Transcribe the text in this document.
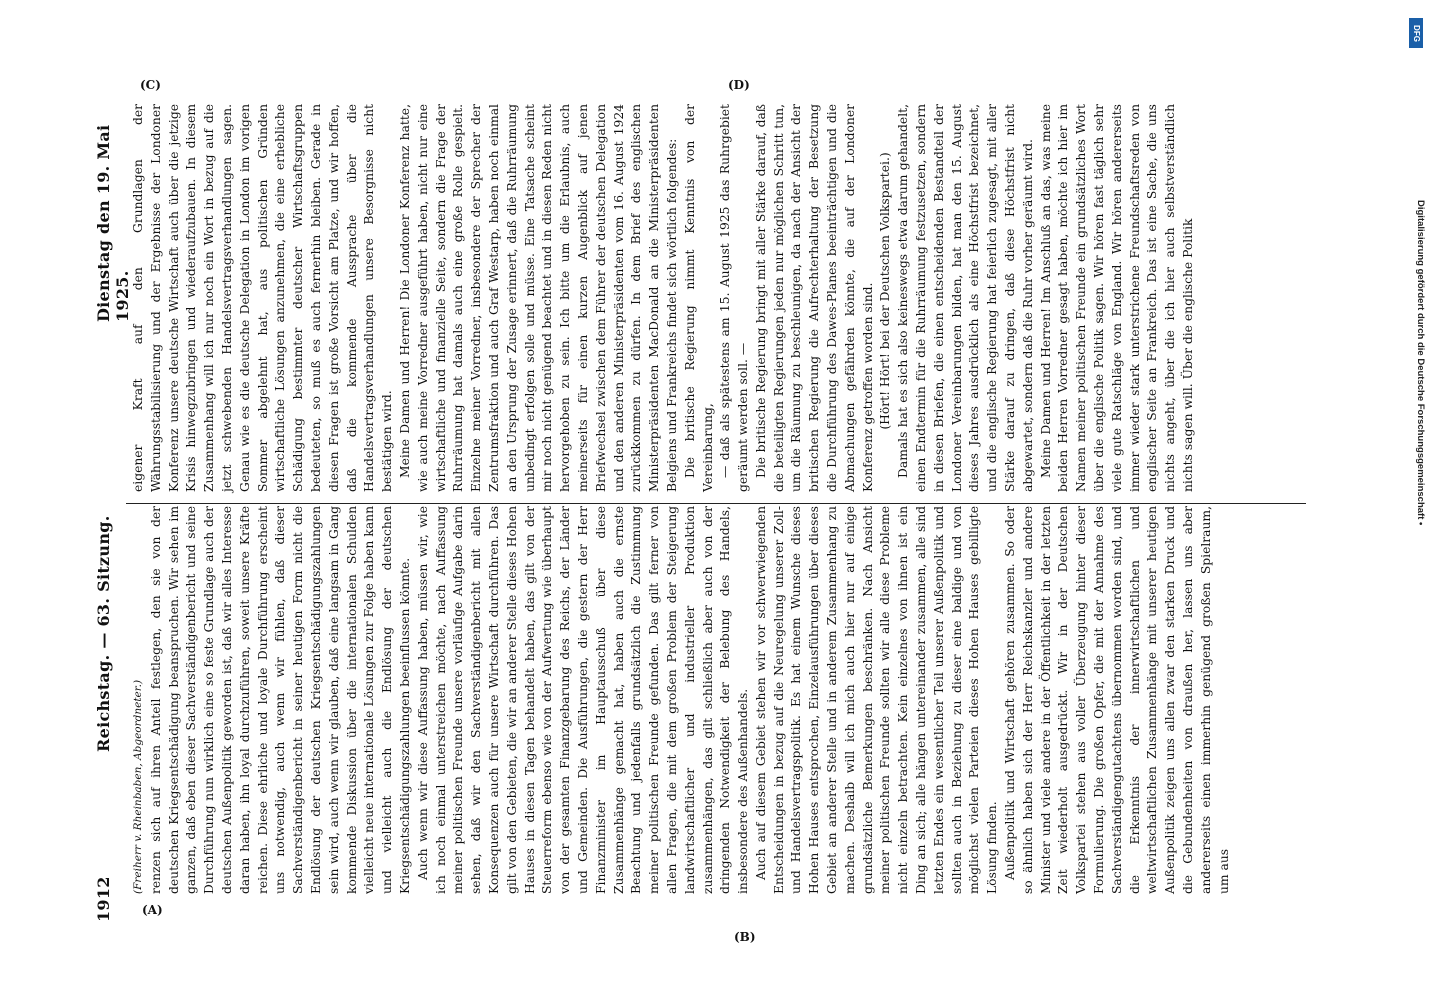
1912
Reichstag. — 63. Sitzung.
Dienstag den 19. Mai 1925.

(Freiherr v. Rheinbaben, Abgeordneter.) renzen sich auf ihren Anteil festlegen, den sie von der deutschen Kriegsentschädigung beanspruchen. Wir sehen im ganzen, daß eben dieser Sachverständigenbericht und seine Durchführung nun wirklich eine so feste Grundlage auch der deutschen Außenpolitik geworden ist, daß wir alles Interesse daran haben, ihn loyal durchzuführen, soweit unsere Kräfte reichen. Diese ehrliche und loyale Durchführung erscheint uns notwendig, auch wenn wir fühlen, daß dieser Sachverständigenbericht in seiner heutigen Form nicht die Endlösung der deutschen Kriegsentschädigungszahlungen sein wird, auch wenn wir glauben, daß eine langsam in Gang kommende Diskussion über die internationalen Schulden vielleicht neue internationale Lösungen zur Folge haben kann und vielleicht auch die Endlösung der deutschen Kriegsentschädigungszahlungen beeinflussen könnte. Auch wenn wir diese Auffassung haben, müssen wir, wie ich noch einmal unterstreichen möchte, nach Auffassung meiner politischen Freunde unsere vorläufige Aufgabe darin sehen, daß wir den Sachverständigenbericht mit allen Konsequenzen auch für unsere Wirtschaft durchführen. Das gilt von den Gebieten, die wir an anderer Stelle dieses Hohen Hauses in diesen Tagen behandelt haben, das gilt von der Steuerreform ebenso wie von der Aufwertung wie überhaupt von der gesamten Finanzgebarung des Reichs, der Länder und Gemeinden. Die Ausführungen, die gestern der Herr Finanzminister im Hauptausschuß über diese Zusammenhänge gemacht hat, haben auch die ernste Beachtung und jedenfalls grundsätzlich die Zustimmung meiner politischen Freunde gefunden. Das gilt ferner von allen Fragen, die mit dem großen Problem der Steigerung landwirtschaftlicher und industrieller Produktion zusammenhängen, das gilt schließlich aber auch von der dringenden Notwendigkeit der Belebung des Handels, insbesondere des Außenhandels. Auch auf diesem Gebiet stehen wir vor schwerwiegenden Entscheidungen in bezug auf die Neuregelung unserer Zoll- und Handelsvertragspolitik. Es hat einem Wunsche dieses Hohen Hauses entsprochen, Einzelausführungen über dieses Gebiet an anderer Stelle und in anderem Zusammenhang zu machen. Deshalb will ich mich auch hier nur auf einige grundsätzliche Bemerkungen beschränken. Nach Ansicht meiner politischen Freunde sollten wir alle diese Probleme nicht einzeln betrachten. Kein einzelnes von ihnen ist ein Ding an sich; alle hängen untereinander zusammen, alle sind letzten Endes ein wesentlicher Teil unserer Außenpolitik und sollten auch in Beziehung zu dieser eine baldige und von möglichst vielen Parteien dieses Hohen Hauses gebilligte Lösung finden. Außenpolitik und Wirtschaft gehören zusammen. So oder so ähnlich haben sich der Herr Reichskanzler und andere Minister und viele andere in der Öffentlichkeit in der letzten Zeit wiederholt ausgedrückt. Wir in der Deutschen Volkspartei stehen aus voller Überzeugung hinter dieser Formulierung. Die großen Opfer, die mit der Annahme des Sachverständigengutachtens übernommen worden sind, und die Erkenntnis der innerwirtschaftlichen und weltwirtschaftlichen Zusammenhänge mit unserer heutigen Außenpolitik zeigen uns allen zwar den starken Druck und die Gebundenheiten von draußen her, lassen uns aber andererseits einen immerhin genügend großen Spielraum, um aus

eigener Kraft auf den Grundlagen der Währungsstabilisierung und der Ergebnisse der Londoner Konferenz unsere deutsche Wirtschaft auch über die jetzige Krisis hinwegzubringen und wiederaufzubauen. In diesem Zusammenhang will ich nur noch ein Wort in bezug auf die jetzt schwebenden Handelsvertragsverhandlungen sagen. Genau wie es die deutsche Delegation in London im vorigen Sommer abgelehnt hat, aus politischen Gründen wirtschaftliche Lösungen anzunehmen, die eine erhebliche Schädigung bestimmter deutscher Wirtschaftsgruppen bedeuteten, so muß es auch fernerhin bleiben. Gerade in diesen Fragen ist große Vorsicht am Platze, und wir hoffen, daß die kommende Aussprache über die Handelsvertragsverhandlungen unsere Besorgnisse nicht bestätigen wird. Meine Damen und Herren! Die Londoner Konferenz hatte, wie auch meine Vorredner ausgeführt haben, nicht nur eine wirtschaftliche und finanzielle Seite, sondern die Frage der Ruhrräumung hat damals auch eine große Rolle gespielt. Einzelne meiner Vorredner, insbesondere der Sprecher der Zentrumsfraktion und auch Graf Westarp, haben noch einmal an den Ursprung der Zusage erinnert, daß die Ruhrräumung unbedingt erfolgen solle und müsse. Eine Tatsache scheint mir noch nicht genügend beachtet und in diesen Reden nicht hervorgehoben zu sein. Ich bitte um die Erlaubnis, auch meinerseits für einen kurzen Augenblick auf jenen Briefwechsel zwischen dem Führer der deutschen Delegation und den anderen Ministerpräsidenten vom 16. August 1924 zurückkommen zu dürfen. In dem Brief des englischen Ministerpräsidenten MacDonald an die Ministerpräsidenten Belgiens und Frankreichs findet sich wörtlich folgendes: Die britische Regierung nimmt Kenntnis von der Vereinbarung, — daß als spätestens am 15. August 1925 das Ruhrgebiet geräumt werden soll. — Die britische Regierung bringt mit aller Stärke darauf, daß die beteiligten Regierungen jeden nur möglichen Schritt tun, um die Räumung zu beschleunigen, da nach der Ansicht der britischen Regierung die Aufrechterhaltung der Besetzung die Durchführung des Dawes-Planes beeinträchtigen und die Abmachungen gefährden könnte, die auf der Londoner Konferenz getroffen worden sind. (Hört! Hört! bei der Deutschen Volkspartei.) Damals hat es sich also keineswegs etwa darum gehandelt, einen Endtermin für die Ruhrräumung festzusetzen, sondern in diesen Briefen, die einen entscheidenden Bestandteil der Londoner Vereinbarungen bilden, hat man den 15. August dieses Jahres ausdrücklich als eine Höchstfrist bezeichnet, und die englische Regierung hat feierlich zugesagt, mit aller Stärke darauf zu dringen, daß diese Höchstfrist nicht abgewartet, sondern daß die Ruhr vorher geräumt wird. Meine Damen und Herren! Im Anschluß an das, was meine beiden Herren Vorredner gesagt haben, möchte ich hier im Namen meiner politischen Freunde ein grundsätzliches Wort über die englische Politik sagen. Wir hören fast täglich sehr viele gute Ratschläge von England. Wir hören andererseits immer wieder stark unterstrichene Freundschaftsreden von englischer Seite an Frankreich. Das ist eine Sache, die uns nichts angeht, über die ich hier auch selbstverständlich nichts sagen will. Über die englische Politik

(A)
(B)
(C)	(D)
DFG
Digitalisierung gefördert durch die Deutsche Forschungsgemeinschaft •
